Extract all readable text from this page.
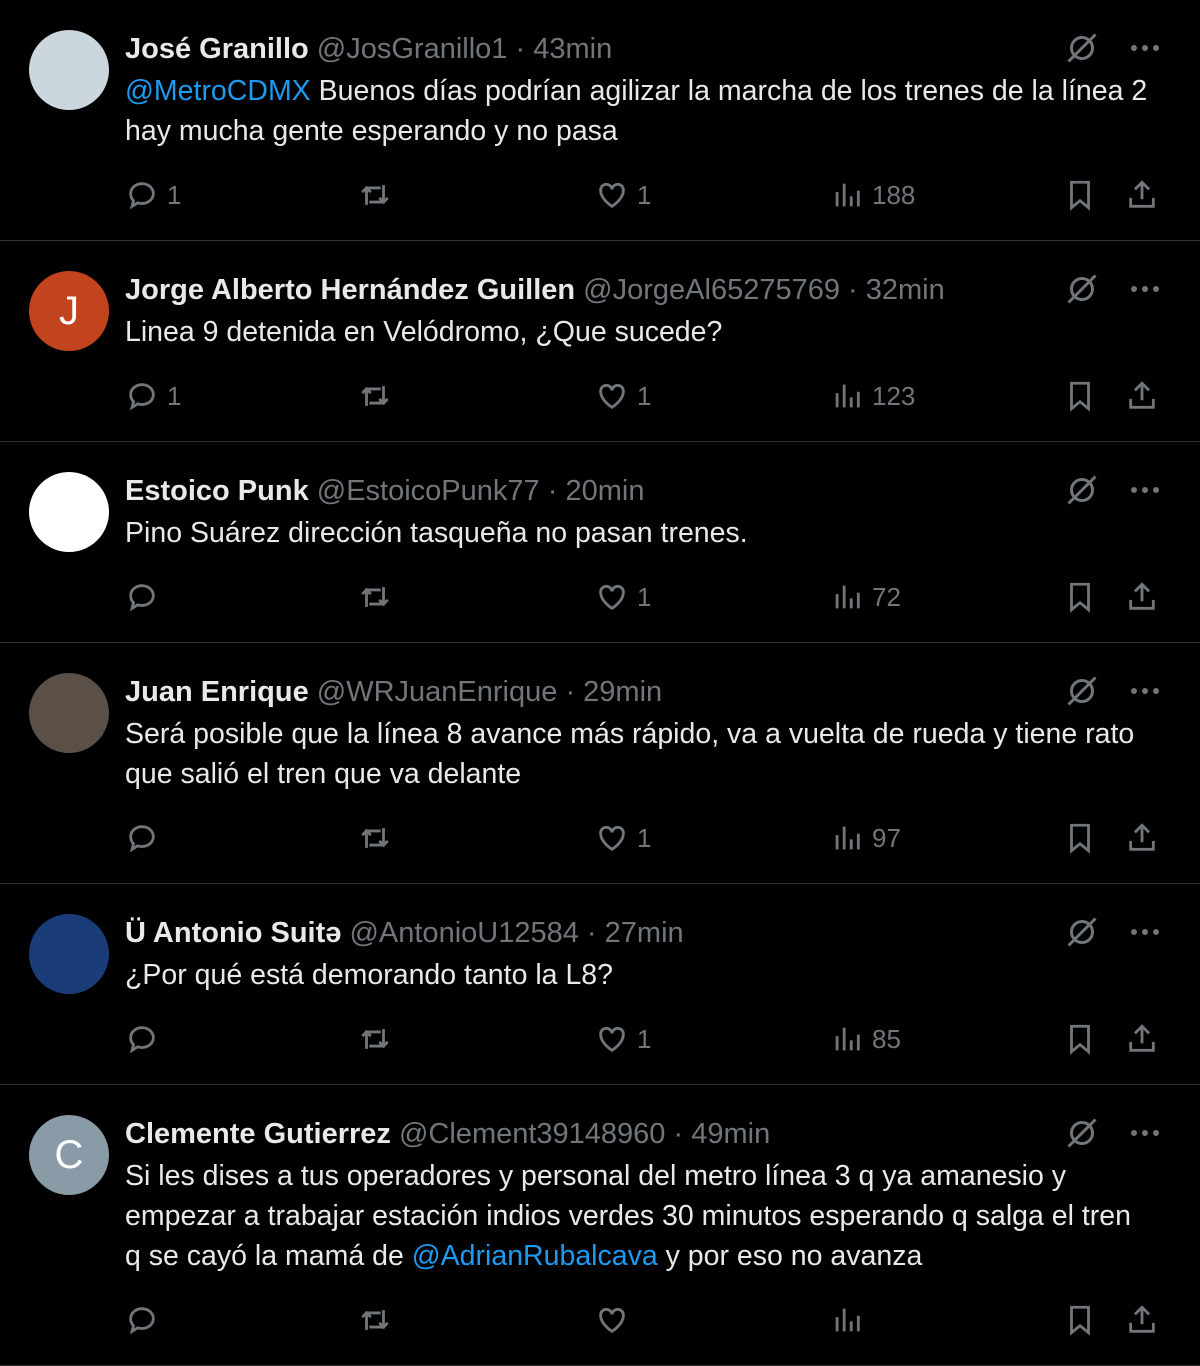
José Granillo @JosGranillo1 · 43min
@MetroCDMX Buenos días podrían agilizar la marcha de los trenes de la línea 2 hay mucha gente esperando y no pasa
1	1	188
J Jorge Alberto Hernández Guillen @JorgeAl65275769 · 32min
Linea 9 detenida en Velódromo, ¿Que sucede?
1	1	123
Estoico Punk @EstoicoPunk77 · 20min
Pino Suárez dirección tasqueña no pasan trenes.
1	72
Juan Enrique @WRJuanEnrique · 29min
Será posible que la línea 8 avance más rápido, va a vuelta de rueda y tiene rato que salió el tren que va delante
1	97
Ü Antonio Suitə @AntonioU12584 · 27min
¿Por qué está demorando tanto la L8?
1	85
C Clemente Gutierrez @Clement39148960 · 49min
Si les dises a tus operadores y personal del metro línea 3 q ya amanesio y empezar a trabajar estación indios verdes 30 minutos esperando q salga el tren q se cayó la mamá de @AdrianRubalcava y por eso no avanza
